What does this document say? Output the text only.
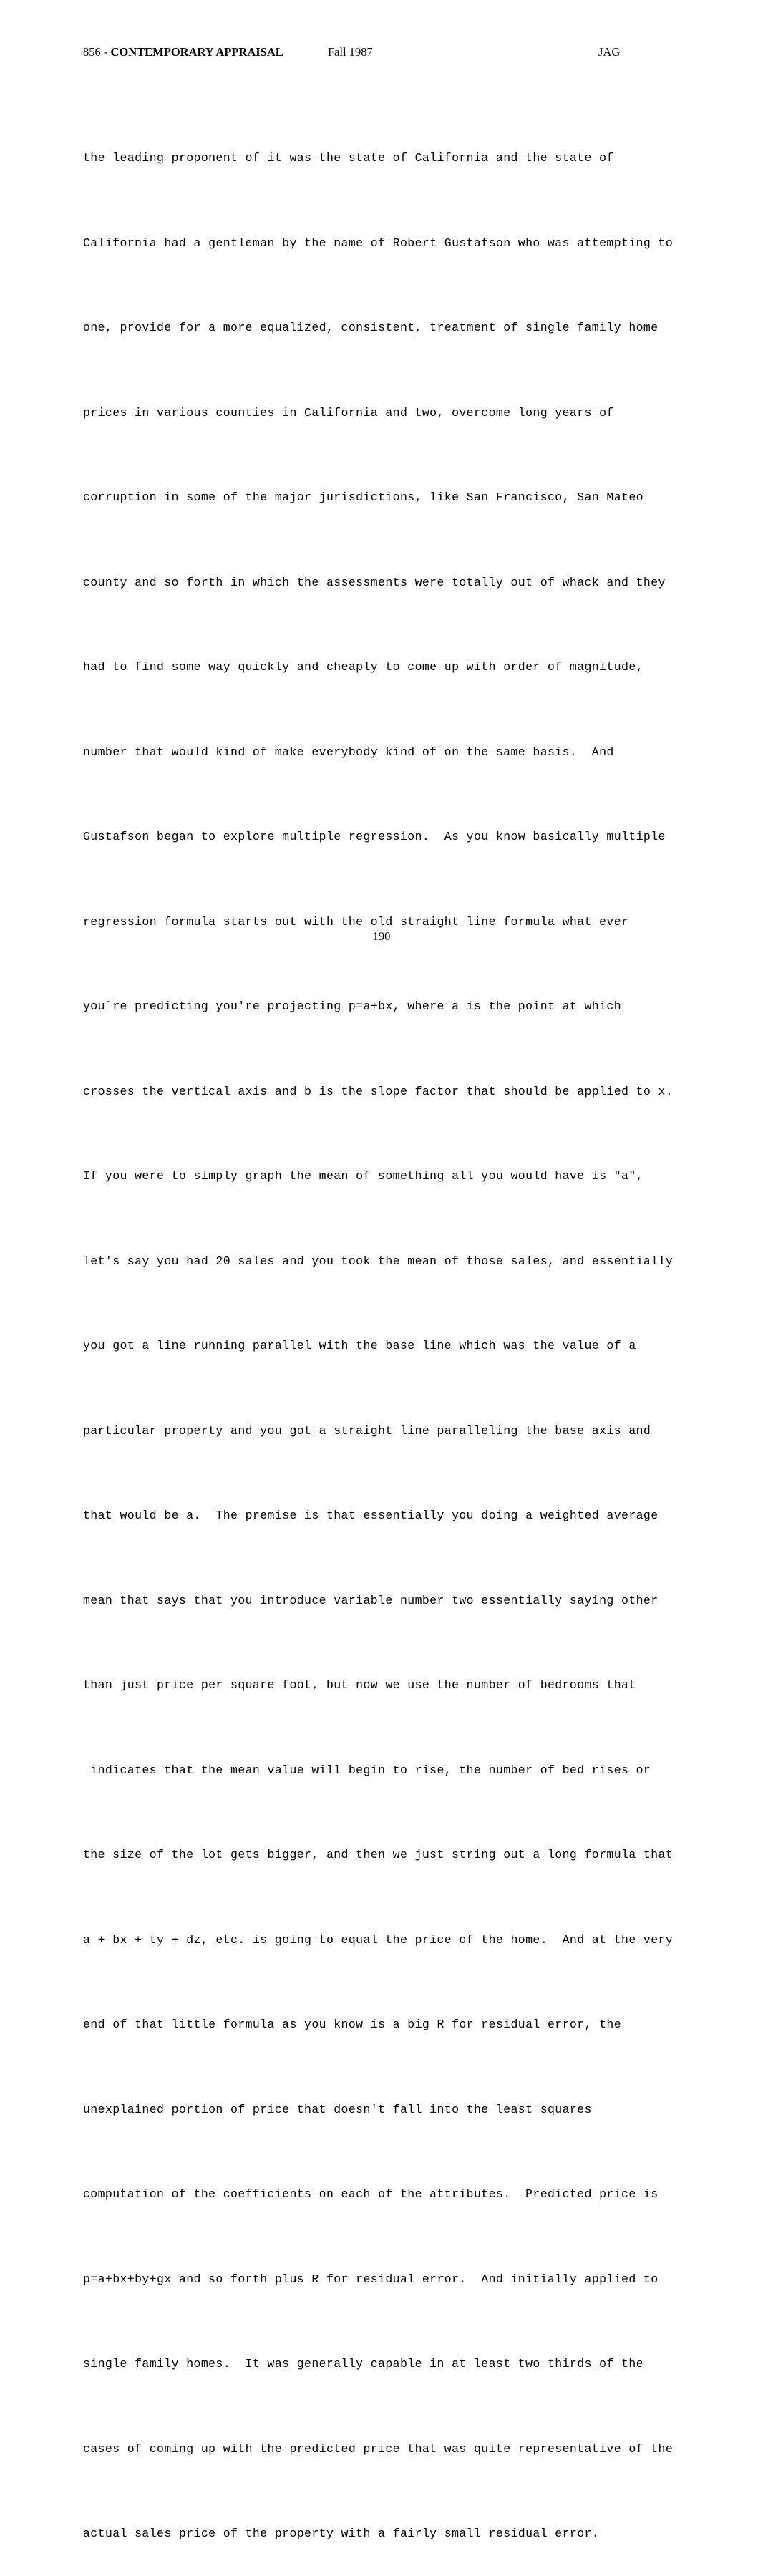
856 - CONTEMPORARY APPRAISAL	Fall 1987	JAG

the leading proponent of it was the state of California and the state of

California had a gentleman by the name of Robert Gustafson who was attempting to

one, provide for a more equalized, consistent, treatment of single family home

prices in various counties in California and two, overcome long years of

corruption in some of the major jurisdictions, like San Francisco, San Mateo

county and so forth in which the assessments were totally out of whack and they

had to find some way quickly and cheaply to come up with order of magnitude,

number that would kind of make everybody kind of on the same basis.  And

Gustafson began to explore multiple regression.  As you know basically multiple

regression formula starts out with the old straight line formula what ever

you`re predicting you're projecting p=a+bx, where a is the point at which

crosses the vertical axis and b is the slope factor that should be applied to x.

If you were to simply graph the mean of something all you would have is "a",

let's say you had 20 sales and you took the mean of those sales, and essentially

you got a line running parallel with the base line which was the value of a

particular property and you got a straight line paralleling the base axis and

that would be a.  The premise is that essentially you doing a weighted average

mean that says that you introduce variable number two essentially saying other

than just price per square foot, but now we use the number of bedrooms that

indicates that the mean value will begin to rise, the number of bed rises or

the size of the lot gets bigger, and then we just string out a long formula that

a + bx + ty + dz, etc. is going to equal the price of the home.  And at the very

end of that little formula as you know is a big R for residual error, the

unexplained portion of price that doesn't fall into the least squares

computation of the coefficients on each of the attributes.  Predicted price is

p=a+bx+by+gx and so forth plus R for residual error.  And initially applied to

single family homes.  It was generally capable in at least two thirds of the

cases of coming up with the predicted price that was quite representative of the

actual sales price of the property with a fairly small residual error.

190
